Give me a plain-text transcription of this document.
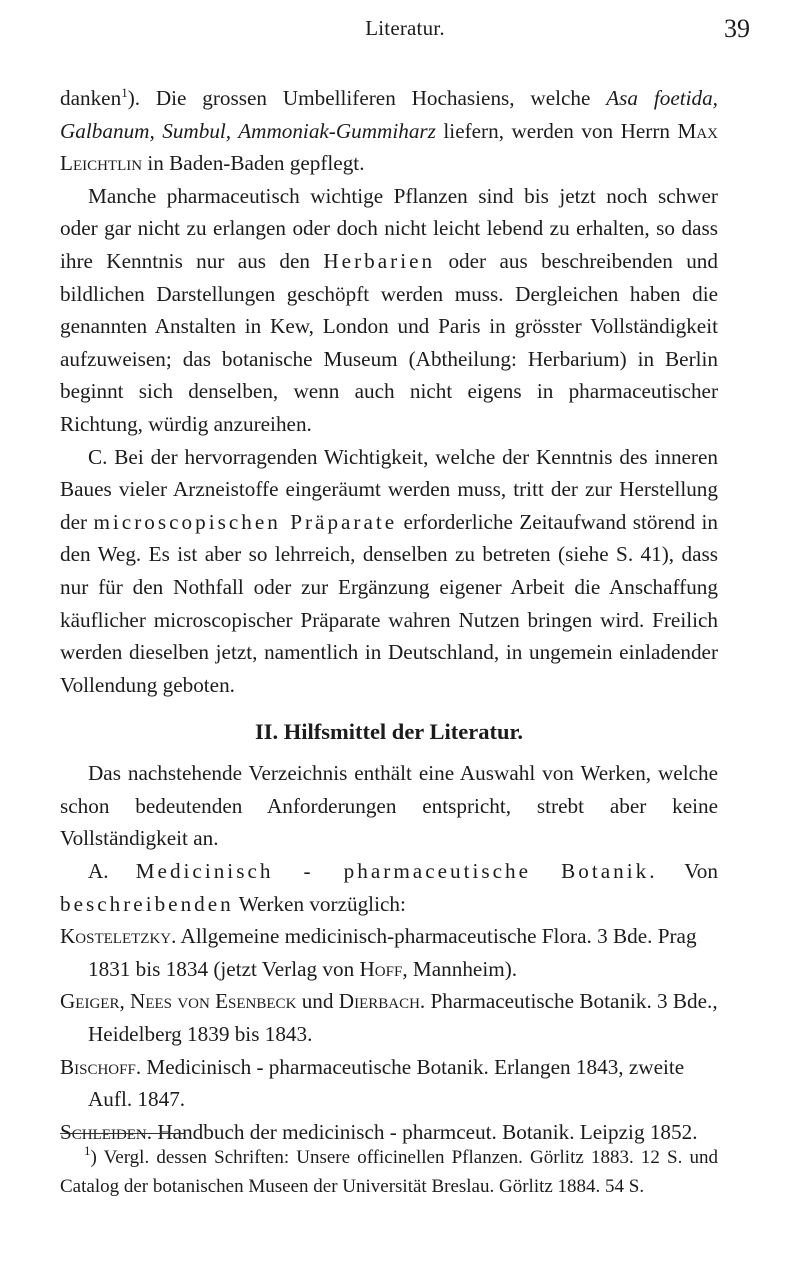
Literatur.	39

danken$^1$). Die grossen Umbelliferen Hochasiens, welche Asa foetida, Galbanum, Sumbul, Ammoniak-Gummiharz liefern, werden von Herrn Max Leichtlin in Baden-Baden gepflegt.

Manche pharmaceutisch wichtige Pflanzen sind bis jetzt noch schwer oder gar nicht zu erlangen oder doch nicht leicht lebend zu erhalten, so dass ihre Kenntnis nur aus den Herbarien oder aus beschreibenden und bildlichen Darstellungen geschöpft werden muss. Dergleichen haben die genannten Anstalten in Kew, London und Paris in grösster Vollständigkeit aufzuweisen; das botanische Museum (Abtheilung: Herbarium) in Berlin beginnt sich denselben, wenn auch nicht eigens in pharmaceutischer Richtung, würdig anzureihen.

C. Bei der hervorragenden Wichtigkeit, welche der Kenntnis des inneren Baues vieler Arzneistoffe eingeräumt werden muss, tritt der zur Herstellung der microscopischen Präparate erforderliche Zeitaufwand störend in den Weg. Es ist aber so lehrreich, denselben zu betreten (siehe S. 41), dass nur für den Nothfall oder zur Ergänzung eigener Arbeit die Anschaffung käuflicher microscopischer Präparate wahren Nutzen bringen wird. Freilich werden dieselben jetzt, namentlich in Deutschland, in ungemein einladender Vollendung geboten.

II. Hilfsmittel der Literatur.

Das nachstehende Verzeichnis enthält eine Auswahl von Werken, welche schon bedeutenden Anforderungen entspricht, strebt aber keine Vollständigkeit an.

A. Medicinisch - pharmaceutische Botanik. Von beschreibenden Werken vorzüglich:

Kosteletzky. Allgemeine medicinisch-pharmaceutische Flora. 3 Bde. Prag 1831 bis 1834 (jetzt Verlag von Hoff, Mannheim).

Geiger, Nees von Esenbeck und Dierbach. Pharmaceutische Botanik. 3 Bde., Heidelberg 1839 bis 1843.

Bischoff. Medicinisch - pharmaceutische Botanik. Erlangen 1843, zweite Aufl. 1847.

Schleiden. Handbuch der medicinisch - pharmceut. Botanik. Leipzig 1852.

$^1$) Vergl. dessen Schriften: Unsere officinellen Pflanzen. Görlitz 1883. 12 S. und Catalog der botanischen Museen der Universität Breslau. Görlitz 1884. 54 S.
